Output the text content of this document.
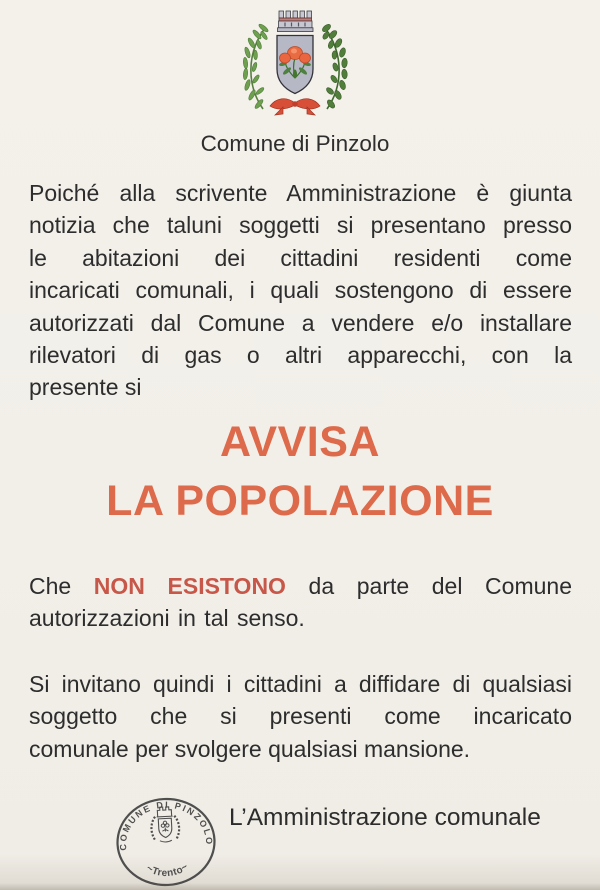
Comune di Pinzolo
Poiché alla scrivente Amministrazione è giunta
notizia che taluni soggetti si presentano presso
le abitazioni dei cittadini residenti come
incaricati comunali, i quali sostengono di essere
autorizzati dal Comune a vendere e/o installare
rilevatori di gas o altri apparecchi, con la
presente si
AVVISA
LA POPOLAZIONE
Che NON ESISTONO da parte del Comune
autorizzazioni in tal senso.
Si invitano quindi i cittadini a diffidare di qualsiasi
soggetto che si presenti come incaricato
comunale per svolgere qualsiasi mansione.
COMUNE DI PINZOLO
~Trento~
L’Amministrazione comunale
